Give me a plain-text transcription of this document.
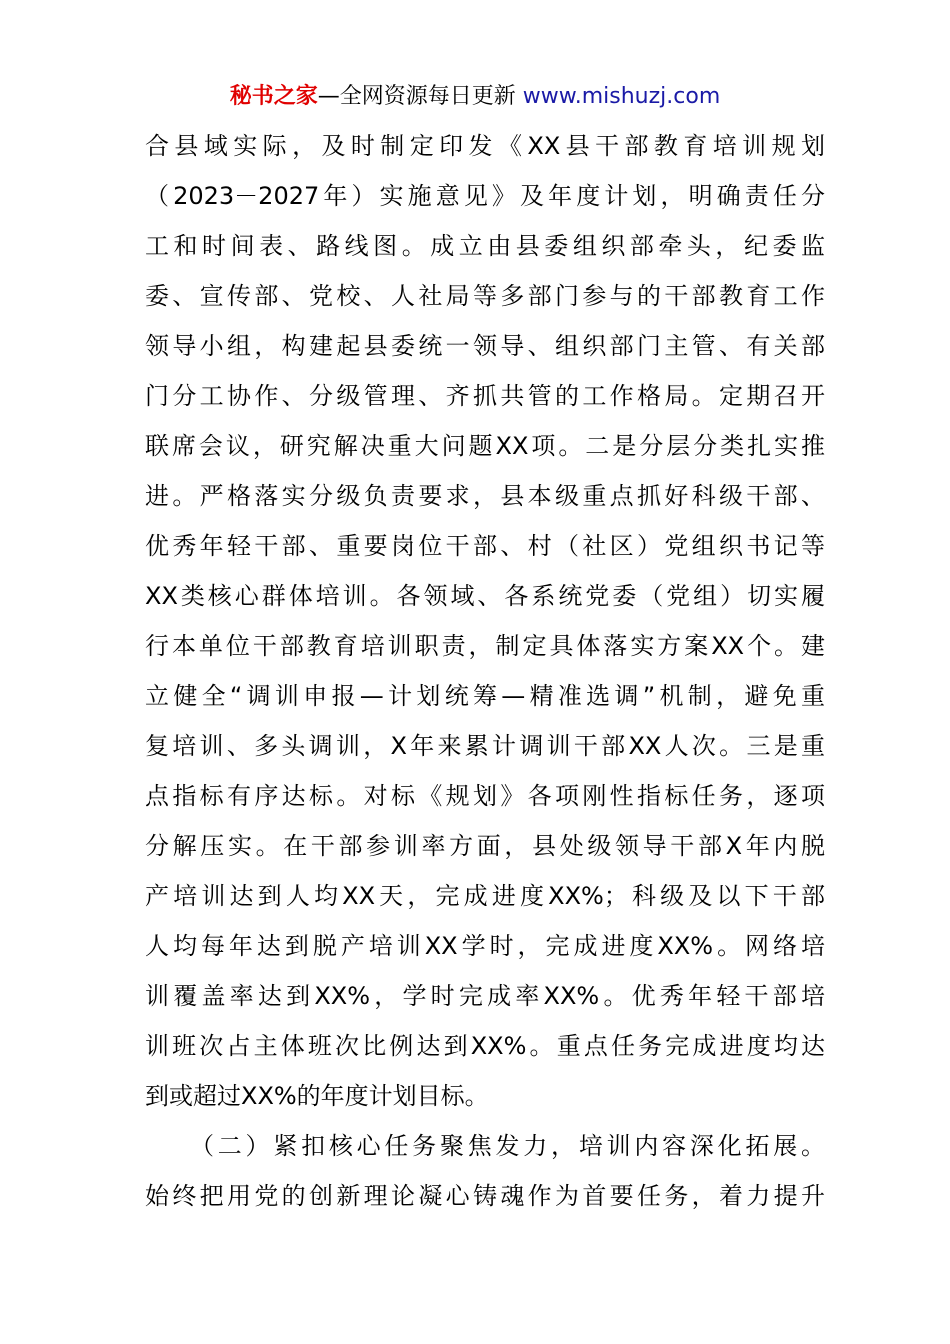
秘书之家—全网资源每日更新 www.mishuzj.com
合县域实际，及时制定印发《XX县干部教育培训规划
（2023－2027年）实施意见》及年度计划，明确责任分
工和时间表、路线图。成立由县委组织部牵头，纪委监
委、宣传部、党校、人社局等多部门参与的干部教育工作
领导小组，构建起县委统一领导、组织部门主管、有关部
门分工协作、分级管理、齐抓共管的工作格局。定期召开
联席会议，研究解决重大问题XX项。二是分层分类扎实推
进。严格落实分级负责要求，县本级重点抓好科级干部、
优秀年轻干部、重要岗位干部、村（社区）党组织书记等
XX类核心群体培训。各领域、各系统党委（党组）切实履
行本单位干部教育培训职责，制定具体落实方案XX个。建
立健全“调训申报—计划统筹—精准选调”机制，避免重
复培训、多头调训，X年来累计调训干部XX人次。三是重
点指标有序达标。对标《规划》各项刚性指标任务，逐项
分解压实。在干部参训率方面，县处级领导干部X年内脱
产培训达到人均XX天，完成进度XX%；科级及以下干部
人均每年达到脱产培训XX学时，完成进度XX%。网络培
训覆盖率达到XX%，学时完成率XX%。优秀年轻干部培
训班次占主体班次比例达到XX%。重点任务完成进度均达
到或超过XX%的年度计划目标。
（二）紧扣核心任务聚焦发力，培训内容深化拓展。
始终把用党的创新理论凝心铸魂作为首要任务，着力提升
